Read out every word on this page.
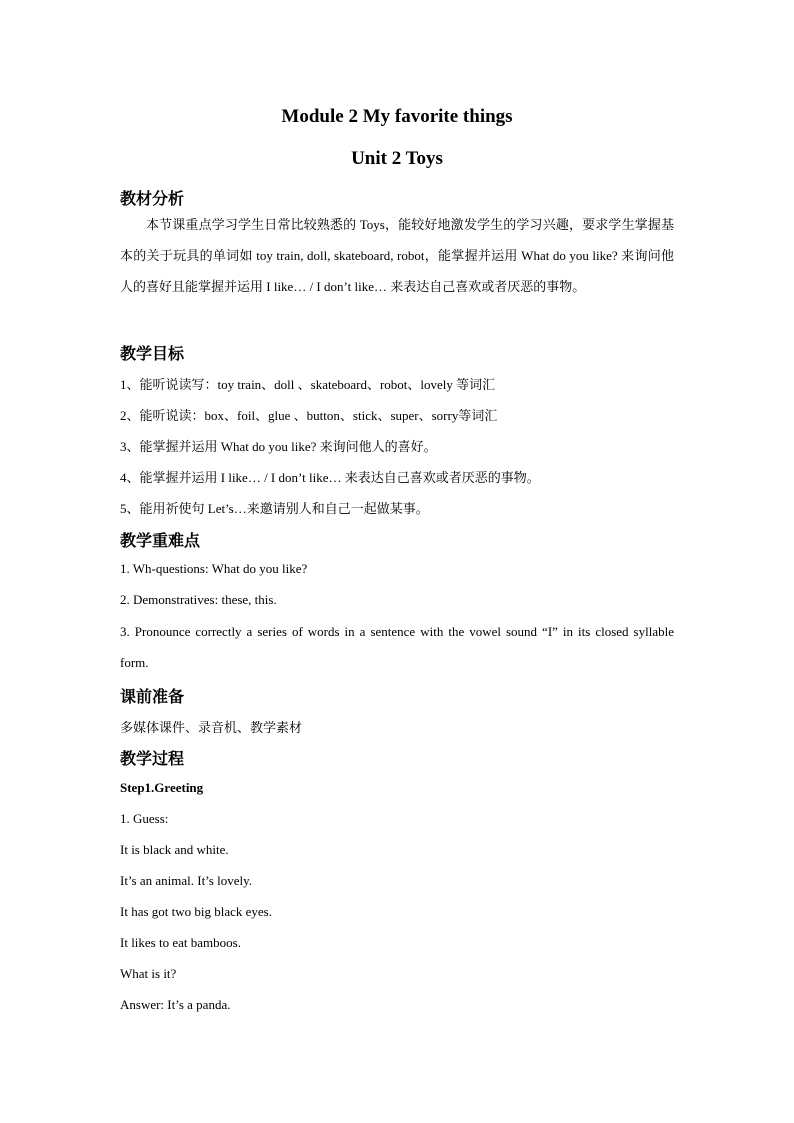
Module 2 My favorite things
Unit 2 Toys
教材分析
本节课重点学习学生日常比较熟悉的 Toys，能较好地激发学生的学习兴趣，要求学生掌握基本的关于玩具的单词如 toy train, doll, skateboard, robot，能掌握并运用 What do you like? 来询问他人的喜好且能掌握并运用 I like… / I don’t like… 来表达自己喜欢或者厌恶的事物。
教学目标
1、能听说读写：toy train、doll 、skateboard、robot、lovely 等词汇
2、能听说读：box、foil、glue 、button、stick、super、sorry等词汇
3、能掌握并运用 What do you like? 来询问他人的喜好。
4、能掌握并运用 I like… / I don’t like… 来表达自己喜欢或者厌恶的事物。
5、能用祈使句 Let’s…来邀请别人和自己一起做某事。
教学重难点
1. Wh-questions: What do you like?
2. Demonstratives: these, this.
3. Pronounce correctly a series of words in a sentence with the vowel sound “I” in its closed syllable form.
课前准备
多媒体课件、录音机、教学素材
教学过程
Step1.Greeting
1. Guess:
It is black and white.
It’s an animal. It’s lovely.
It has got two big black eyes.
It likes to eat bamboos.
What is it?
Answer: It’s a panda.
